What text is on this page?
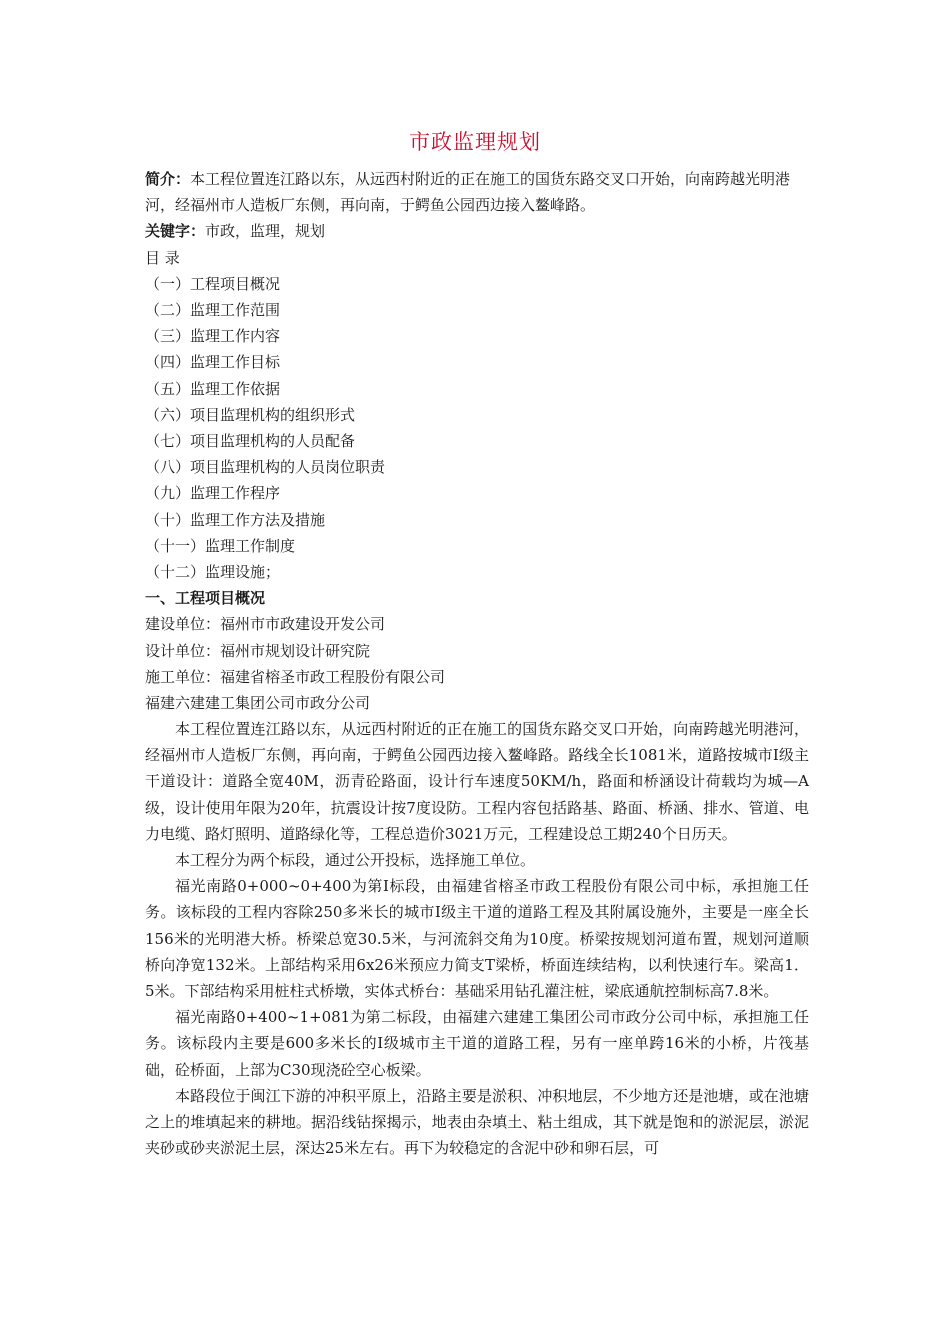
市政监理规划
简介：本工程位置连江路以东，从远西村附近的正在施工的国货东路交叉口开始，向南跨越光明港河，经福州市人造板厂东侧，再向南，于鳄鱼公园西边接入鳌峰路。
关键字：市政，监理，规划
目 录
（一）工程项目概况
（二）监理工作范围
（三）监理工作内容
（四）监理工作目标
（五）监理工作依据
（六）项目监理机构的组织形式
（七）项目监理机构的人员配备
（八）项目监理机构的人员岗位职责
（九）监理工作程序
（十）监理工作方法及措施
（十一）监理工作制度
（十二）监理设施；
一、工程项目概况
建设单位：福州市市政建设开发公司
设计单位：福州市规划设计研究院
施工单位：福建省榕圣市政工程股份有限公司
福建六建建工集团公司市政分公司
本工程位置连江路以东，从远西村附近的正在施工的国货东路交叉口开始，向南跨越光明港河，经福州市人造板厂东侧，再向南，于鳄鱼公园西边接入鳌峰路。路线全长1081米，道路按城市Ⅰ级主干道设计：道路全宽40M，沥青砼路面，设计行车速度50KM/h，路面和桥涵设计荷载均为城—A级，设计使用年限为20年，抗震设计按7度设防。工程内容包括路基、路面、桥涵、排水、管道、电力电缆、路灯照明、道路绿化等，工程总造价3021万元，工程建设总工期240个日历天。
本工程分为两个标段，通过公开投标，选择施工单位。
福光南路0+000~0+400为第Ⅰ标段，由福建省榕圣市政工程股份有限公司中标，承担施工任务。该标段的工程内容除250多米长的城市Ⅰ级主干道的道路工程及其附属设施外，主要是一座全长156米的光明港大桥。桥梁总宽30.5米，与河流斜交角为10度。桥梁按规划河道布置，规划河道顺桥向净宽132米。上部结构采用6x26米预应力简支T梁桥，桥面连续结构，以利快速行车。梁高1．5米。下部结构采用桩柱式桥墩，实体式桥台：基础采用钻孔灌注桩，梁底通航控制标高7.8米。
福光南路0+400~1+081为第二标段，由福建六建建工集团公司市政分公司中标，承担施工任务。该标段内主要是600多米长的Ⅰ级城市主干道的道路工程，另有一座单跨16米的小桥，片筏基础，砼桥面，上部为C30现浇砼空心板梁。
本路段位于闽江下游的冲积平原上，沿路主要是淤积、冲积地层，不少地方还是池塘，或在池塘之上的堆填起来的耕地。据沿线钻探揭示，地表由杂填土、粘土组成，其下就是饱和的淤泥层，淤泥夹砂或砂夹淤泥土层，深达25米左右。再下为较稳定的含泥中砂和卵石层，可
